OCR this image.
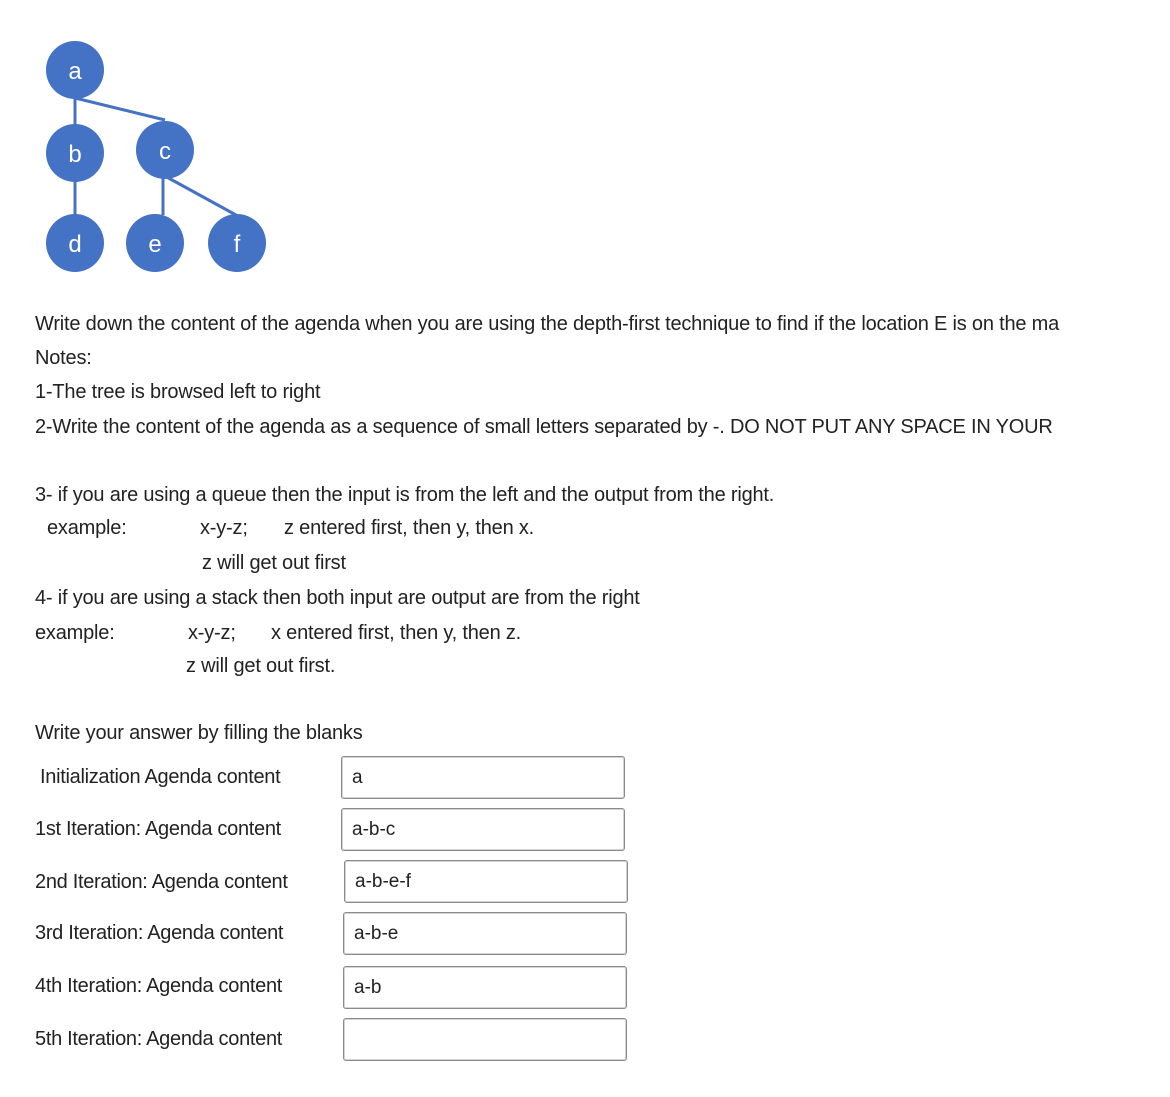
a
b	c
d	e	f
Write down the content of the agenda when you are using the depth-first technique to find if the location E is on the ma
Notes:
1-The tree is browsed left to right
2-Write the content of the agenda as a sequence of small letters separated by -. DO NOT PUT ANY SPACE IN YOUR
3- if you are using a queue then the input is from the left and the output from the right.
example:	x-y-z; z entered first, then y, then x.
z will get out first
4- if you are using a stack then both input are output are from the right
example:	x-y-z; x entered first, then y, then z.
z will get out first.
Write your answer by filling the blanks
Initialization Agenda content
a
1st Iteration: Agenda content
a-b-c
2nd Iteration: Agenda content
a-b-e-f
3rd Iteration: Agenda content
a-b-e
4th Iteration: Agenda content
a-b
5th Iteration: Agenda content
